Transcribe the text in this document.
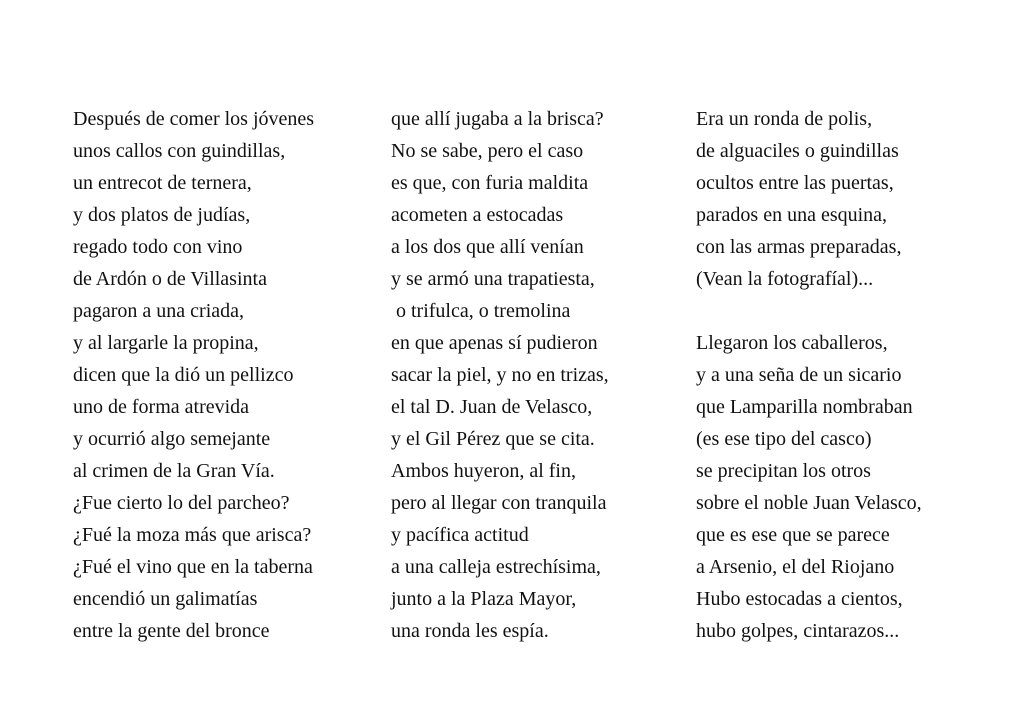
Después de comer los jóvenes
unos callos con guindillas,
un entrecot de ternera,
y dos platos de judías,
regado todo con vino
de Ardón o de Villasinta
pagaron a una criada,
y al largarle la propina,
dicen que la dió un pellizco
uno de forma atrevida
y ocurrió algo semejante
al crimen de la Gran Vía.
¿Fue cierto lo del parcheo?
¿Fué la moza más que arisca?
¿Fué el vino que en la taberna
encendió un galimatías
entre la gente del bronce
que allí jugaba a la brisca?
No se sabe, pero el caso
es que, con furia maldita
acometen a estocadas
a los dos que allí venían
y se armó una trapatiesta,
o trifulca, o tremolina
en que apenas sí pudieron
sacar la piel, y no en trizas,
el tal D. Juan de Velasco,
y el Gil Pérez que se cita.
Ambos huyeron, al fin,
pero al llegar con tranquila
y pacífica actitud
a una calleja estrechísima,
junto a la Plaza Mayor,
una ronda les espía.
Era un ronda de polis,
de alguaciles o guindillas
ocultos entre las puertas,
parados en una esquina,
con las armas preparadas,
(Vean la fotografíal)...
Llegaron los caballeros,
y a una seña de un sicario
que Lamparilla nombraban
(es ese tipo del casco)
se precipitan los otros
sobre el noble Juan Velasco,
que es ese que se parece
a Arsenio, el del Riojano
Hubo estocadas a cientos,
hubo golpes, cintarazos...
